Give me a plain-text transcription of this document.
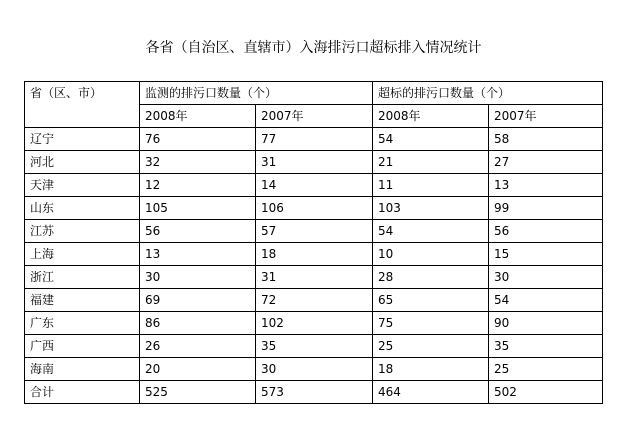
各省（自治区、直辖市）入海排污口超标排入情况统计
省（区、市）	监测的排污口数量（个）		超标的排污口数量（个）	
	2008年	2007年	2008年	2007年
辽宁	76	77	54	58
河北	32	31	21	27
天津	12	14	11	13
山东	105	106	103	99
江苏	56	57	54	56
上海	13	18	10	15
浙江	30	31	28	30
福建	69	72	65	54
广东	86	102	75	90
广西	26	35	25	35
海南	20	30	18	25
合计	525	573	464	502
